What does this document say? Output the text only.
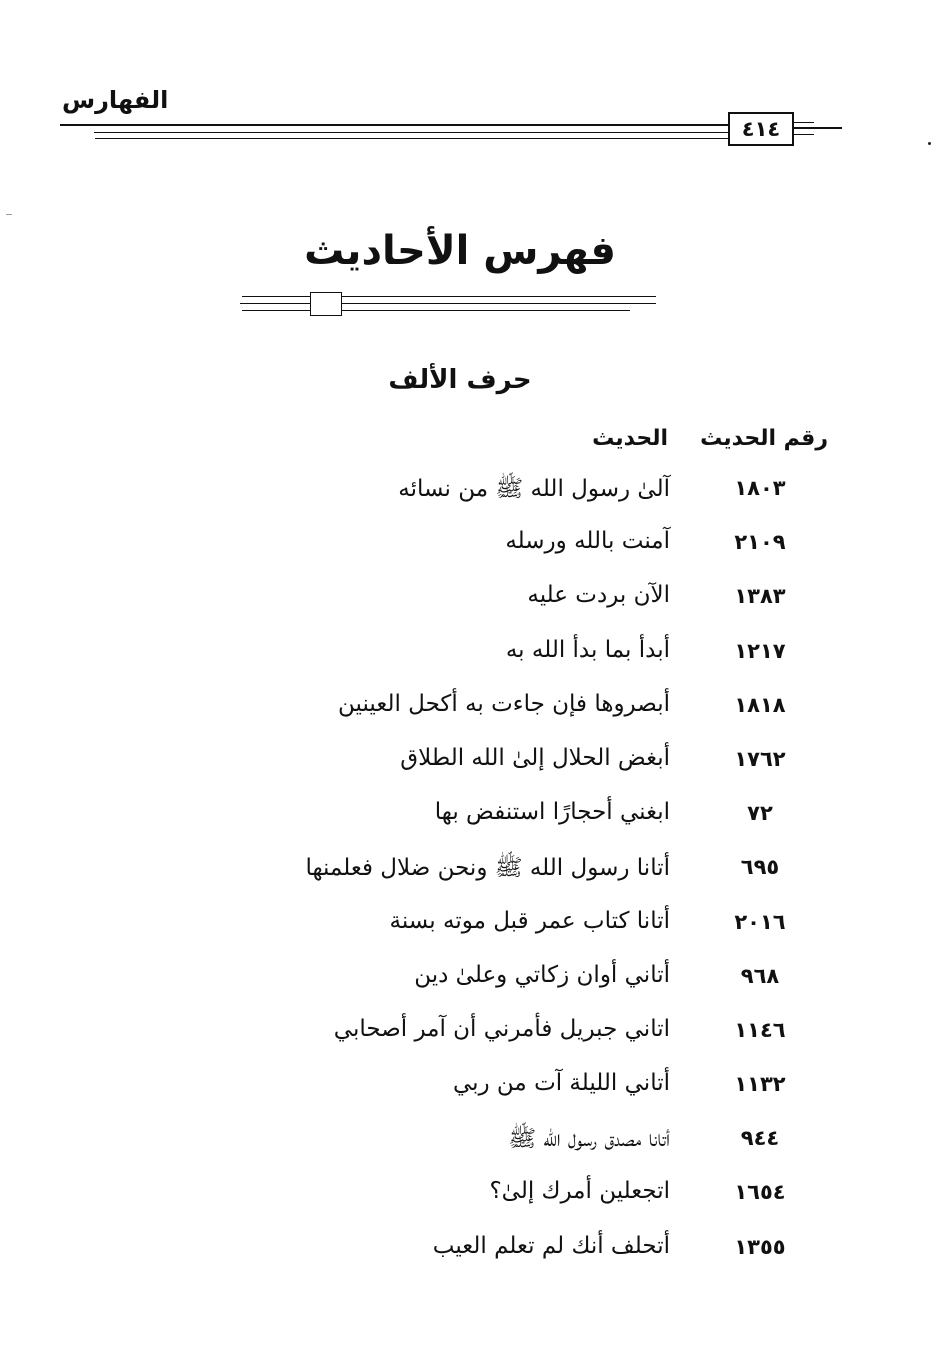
الفهارس
٤١٤
فهرس الأحاديث
حرف الألف
رقم الحديث
الحديث
١٨٠٣
آلىٰ رسول الله ﷺ من نسائه
٢١٠٩
آمنت بالله ورسله
١٣٨٣
الآن بردت عليه
١٢١٧
أبدأ بما بدأ الله به
١٨١٨
أبصروها فإن جاءت به أكحل العينين
١٧٦٢
أبغض الحلال إلىٰ الله الطلاق
٧٢
ابغني أحجارًا استنفض بها
٦٩٥
أتانا رسول الله ﷺ ونحن ضلال فعلمنها
٢٠١٦
أتانا كتاب عمر قبل موته بسنة
٩٦٨
أتاني أوان زكاتي وعلىٰ دين
١١٤٦
اتاني جبريل فأمرني أن آمر أصحابي
١١٣٢
أتاني الليلة آت من ربي
٩٤٤
أتانا مصدق رسول الله ﷺ
١٦٥٤
اتجعلين أمرك إلىٰ؟
١٣٥٥
أتحلف أنك لم تعلم العيب
